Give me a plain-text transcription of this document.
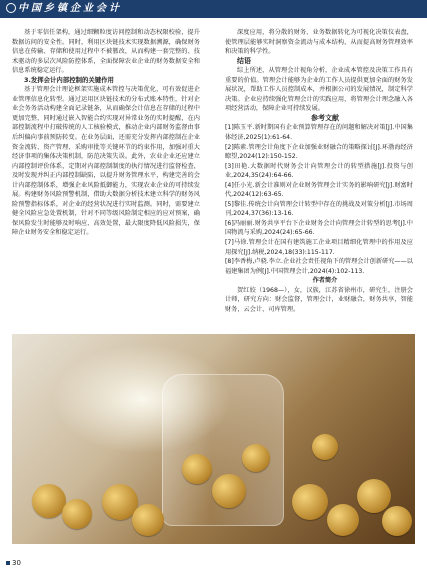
中国乡镇企业会计

基于零信任架构，通过细颗粒度访问控制和动态权限校验，提升数据访问的安全性。同时，利用区块链技术实现数据溯源，确保财务信息在传输、存储和使用过程中不被篡改，从而构建一套完整的、技术驱动的多层次风险防控体系，全面保障农业企业的财务数据安全和信息系统稳定运行。

3.发挥会计内部控制的关键作用

基于管理会计理论框架实施成本管控与决策优化，可有效促进企业管理信息化转型。通过运用区块链技术的分布式账本特性，针对企业会务务活动构建全面记录链条，从而确保会计信息在存储的过程中更加完整，同时通过嵌入智能合约实现对异常业务的实时提醒，在内部控制流程中打破传统的人工核验模式，推动企业内部财务监督由事后纠偏向事前预防转变。在业务层面，还需充分发挥内部控制在企业资金流转、资产管理、采购审批等关键环节的约束作用，加强对重大经济事项的集体决策机制，防范决策失误。此外，农业企业还应建立内部控制评价体系，定期对内部控制制度的执行情况进行监督检查，及时发现并纠正内部控制缺陷，以提升财务管理水平，构建完善的会计内部控制体系，增强企业风险抵御能力，实现农业企业的可持续发展。构建财务风险预警机制，借助大数据分析技术建立科学的财务风险预警指标体系，对企业的经营状况进行实时监测。同时，需要建立健全风险应急处置机制，针对不同等级风险制定相应的应对预案，确保风险发生时能够及时响应、高效处置，最大限度降低风险损失，保障企业财务安全和稳定运行。

深度应用，将分散的财务、业务数据转化为可视化决策仪表盘，使管理层能够实时洞察资金流动与成本结构，从而提高财务管理效率和决策的科学性。

结语

综上所述，从管理会计视角分析，企业成本管控及决策工作具有重要的价值。管理会计能够为企业的工作人员提供更加全面的财务发展状况，帮助工作人员控制成本，并根据公司的发展情况，制定科学决策。企业应持续强化管理会计的实践应用，将管理会计理念融入各项经营活动，保障企业可持续发展。

参考文献

[1]陈玉平.新时期国有企业预算管理存在的问题和解决对策[J].中国集体经济,2025(1):61-64.

[2]陈素.管理会计角度下企业加强业财融合的策略探讨[J].环渤海经济瞭望,2024(12):150-152.

[3]田艳.大数据时代财务会计向管理会计的转型措施[J].投资与创业,2024,35(24):64-66.

[4]任小光.新会计准则对企业财务管理会计实务的影响研究[J].财富时代,2024(12):63-65.

[5]黎佳.传统会计向管理会计转型中存在的挑战及对策分析[J].市场周刊,2024,37(36):13-16.

[6]冯丽丽.财务共享平台下企业财务会计向管理会计转型的思考[J].中国物流与采购,2024(24):65-66.

[7]马徐.管理会计在国有建筑施工企业项目精细化管理中的作用及应用探究[J].纳税,2024,18(33):115-117.

[8]李香梅,卢骁.李立.企业社会责任视角下的管理会计创新研究——以福建集团为例[J].中国管理会计,2024(4):102-113.

作者简介

贺红姣（1968—），女，汉族，江苏省徐州市，研究生，注册会计师，研究方向：财会监督，管理会计，业财融合，财务共享，智能财务，云会计，司库管理。

30
